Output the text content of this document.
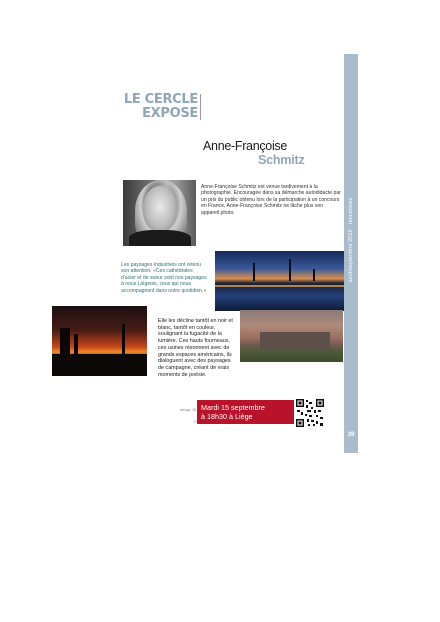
août/septembre 2015 · rencontres
39
LE CERCLE
EXPOSE
Anne-Françoise
Schmitz
Anne-Françoise Schmitz est venue tardivement à la photographie. Encouragée dans sa démarche autodidacte par un prix du public obtenu lors de la participation à un concours en France, Anne-Françoise Schmitz ne lâche plus son appareil photo.
Les paysages industriels ont retenu son attention. «Ces cathédrales d'acier et de sueur sont nos paysages à nous Liégeois, ceux qui nous accompagnent dans notre quotidien.»
Elle les décline tantôt en noir et blanc, tantôt en couleur, soulignant la fugacité de la lumière. Ces hauts fourneaux, ces usines résonnent avec de grands espaces américains, ils dialoguent avec des paysages de campagne, créant de vrais moments de poésie.
vert.pp. 16-17
Mardi 15 septembre
à 18h30 à Liège
